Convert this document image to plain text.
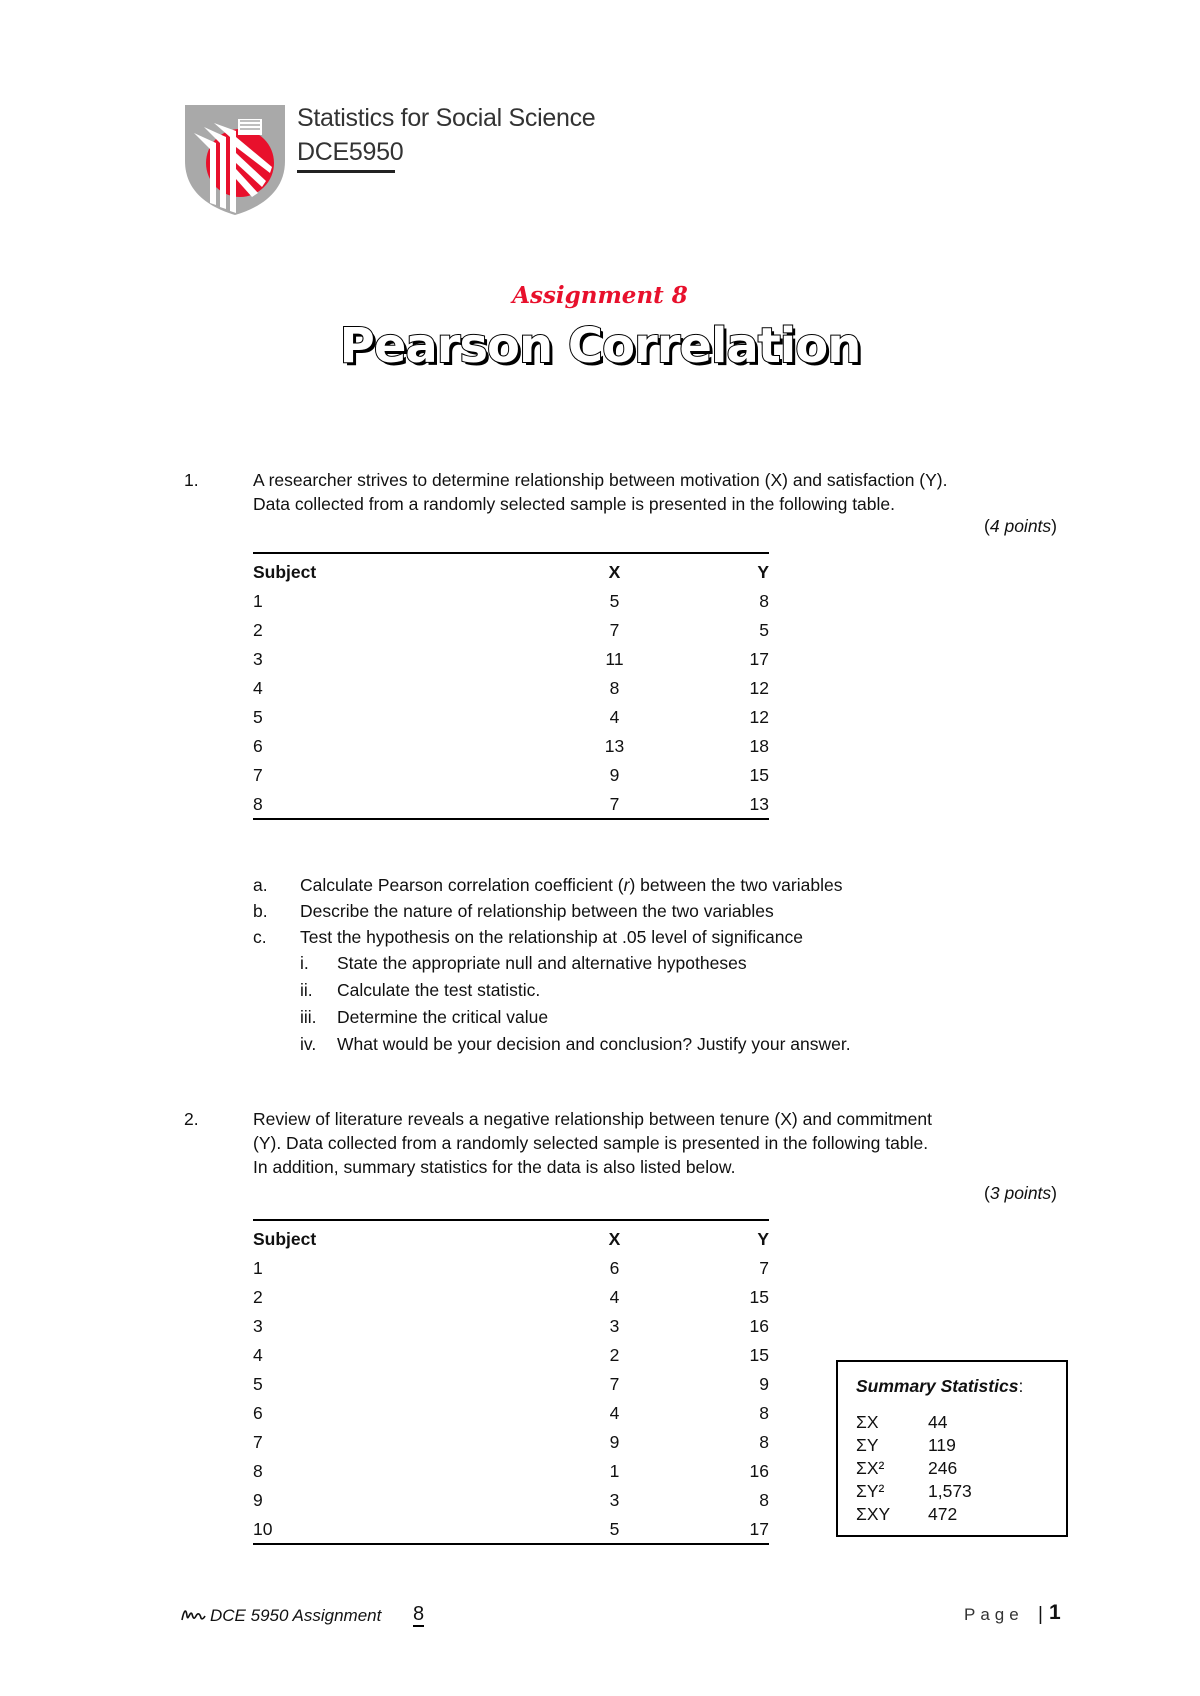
Statistics for Social Science
DCE5950
Assignment 8
Pearson Correlation
1.	A researcher strives to determine relationship between motivation (X) and satisfaction (Y).
Data collected from a randomly selected sample is presented in the following table.
(4 points)
Subject	X	Y
1	5	8
2	7	5
3	11	17
4	8	12
5	4	12
6	13	18
7	9	15
8	7	13
a. Calculate Pearson correlation coefficient (r) between the two variables
b. Describe the nature of relationship between the two variables
c. Test the hypothesis on the relationship at .05 level of significance
i. State the appropriate null and alternative hypotheses
ii. Calculate the test statistic.
iii. Determine the critical value
iv. What would be your decision and conclusion? Justify your answer.
2.	Review of literature reveals a negative relationship between tenure (X) and commitment
(Y). Data collected from a randomly selected sample is presented in the following table.
In addition, summary statistics for the data is also listed below.
(3 points)
Subject	X	Y
1	6	7
2	4	15
3	3	16
4	2	15
5	7	9
6	4	8
7	9	8
8	1	16
9	3	8
10	5	17
Summary Statistics:
ΣX	44
ΣY	119
ΣX² 246
ΣY² 1,573
ΣXY 472
DCE 5950 Assignment 8	Page | 1
